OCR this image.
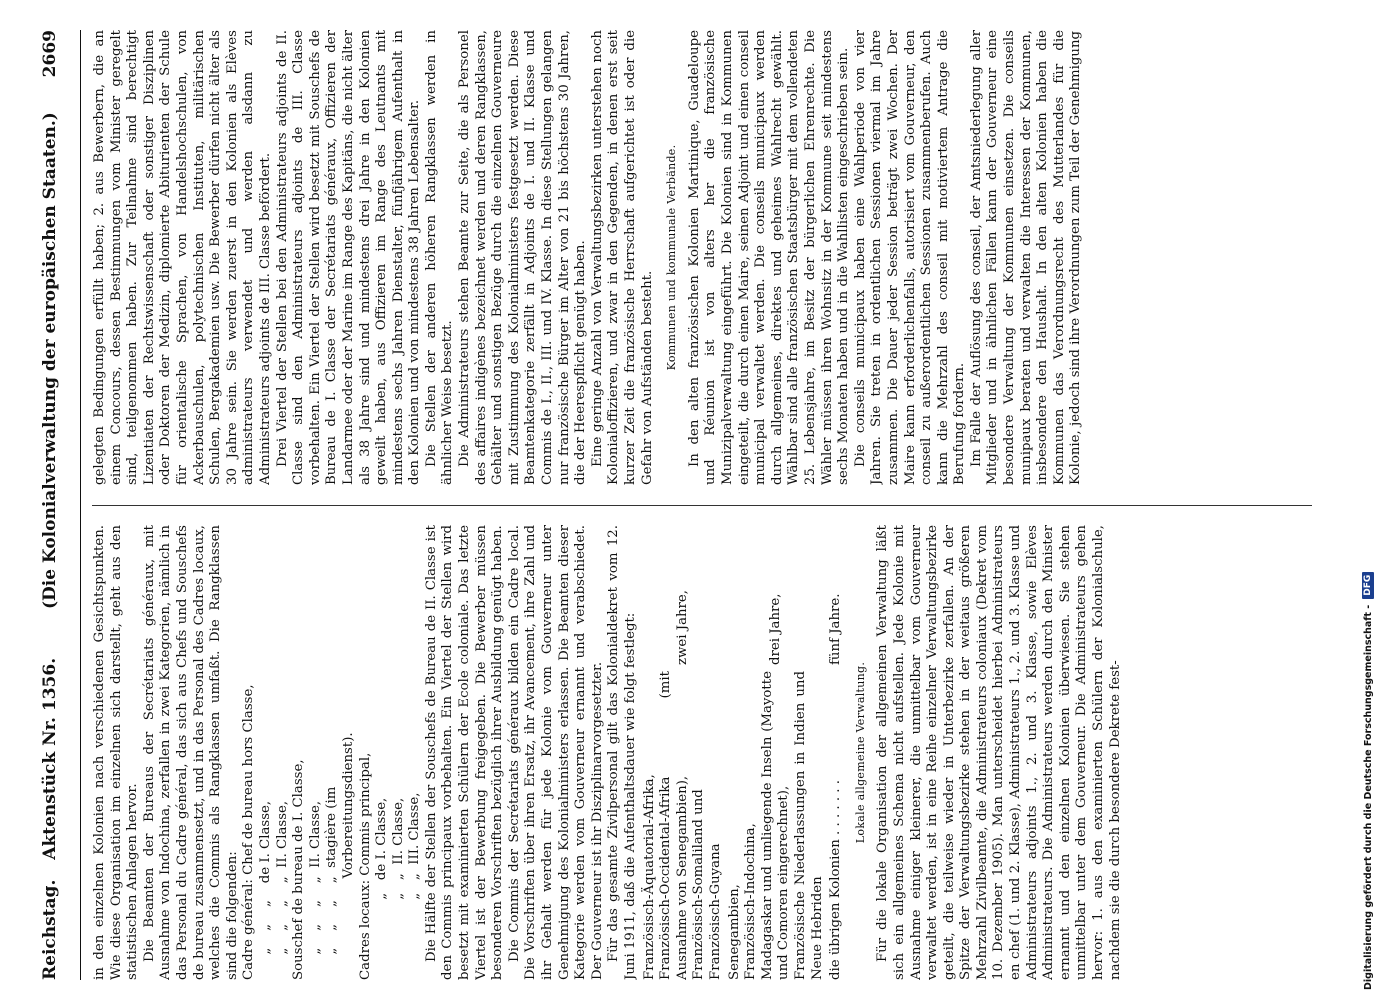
Reichstag. Aktenstück Nr. 1356.
(Die Kolonialverwaltung der europäischen Staaten.)
2669

in den einzelnen Kolonien nach verschiedenen Gesichtspunkten. Wie diese Organisation im einzelnen sich darstellt, geht aus den statistischen Anlagen hervor. Die Beamten der Bureaus der Secrétariats généraux, mit Ausnahme von Indochina, zerfallen in zwei Kategorien, nämlich in das Personal du Cadre général, das sich aus Chefs und Souschefs de bureau zusammensetzt, und in das Personal des Cadres locaux, welches die Commis als Rangklassen umfaßt. Die Rangklassen sind die folgenden: Cadre général: Chef de bureau hors Classe, „    „    „    de I. Classe, „    „    „    „  II. Classe, Souschef de bureau de I. Classe, „    „    „    „  II. Classe, „    „    „    „  stagière (im Vorbereitungsdienst). Cadres locaux: Commis principal, „   de I. Classe, „   „  II. Classe, „   „  III. Classe, Die Hälfte der Stellen der Souschefs de Bureau de II. Classe ist den Commis principaux vorbehalten. Ein Viertel der Stellen wird besetzt mit examinierten Schülern der Ecole coloniale. Das letzte Viertel ist der Bewerbung freigegeben. Die Bewerber müssen besonderen Vorschriften bezüglich ihrer Ausbildung genügt haben. Die Commis der Secrétariats généraux bilden ein Cadre local. Die Vorschriften über ihren Ersatz, ihr Avancement, ihre Zahl und ihr Gehalt werden für jede Kolonie vom Gouverneur unter Genehmigung des Kolonialministers erlassen. Die Beamten dieser Kategorie werden vom Gouverneur ernannt und verabschiedet. Der Gouverneur ist ihr Disziplinarvorgesetzter. Für das gesamte Zivilpersonal gilt das Kolonialdekret vom 12. Juni 1911, daß die Aufenthaltsdauer wie folgt festlegt: Französisch-Äquatorial-Afrika, Französisch-Occidental-Afrika (mit Ausnahme von Senegambien), Französisch-Somaliland und Französisch-Guyana
zwei Jahre,
Senegambien, Französisch-Indochina, Madagaskar und umliegende Inseln (Mayotte und Comoren eingerechnet), Französische Niederlassungen in Indien und Neue Hebriden
drei Jahre,
die übrigen Kolonien . . . . . . .
fünf Jahre.
Lokale allgemeine Verwaltung. Für die lokale Organisation der allgemeinen Verwaltung läßt sich ein allgemeines Schema nicht aufstellen. Jede Kolonie mit Ausnahme einiger kleinerer, die unmittelbar vom Gouverneur verwaltet werden, ist in eine Reihe einzelner Verwaltungsbezirke geteilt, die teilweise wieder in Unterbezirke zerfallen. An der Spitze der Verwaltungsbezirke stehen in der weitaus größeren Mehrzahl Zivilbeamte, die Administrateurs coloniaux (Dekret vom 10. Dezember 1905). Man unterscheidet hierbei Administrateurs en chef (1. und 2. Klasse), Administrateurs 1., 2. und 3. Klasse und Administrateurs adjoints 1., 2. und 3. Klasse, sowie Elèves Administrateurs. Die Administrateurs werden durch den Minister ernannt und den einzelnen Kolonien überwiesen. Sie stehen unmittelbar unter dem Gouverneur. Die Administrateurs gehen hervor: 1. aus den examinierten Schülern der Kolonialschule, nachdem sie die durch besondere Dekrete fest-

gelegten Bedingungen erfüllt haben; 2. aus Bewerbern, die an einem Concours, dessen Bestimmungen vom Minister geregelt sind, teilgenommen haben. Zur Teilnahme sind berechtigt Lizentiaten der Rechtswissenschaft oder sonstiger Disziplinen oder Doktoren der Medizin, diplomierte Abiturienten der Schule für orientalische Sprachen, von Handelshochschulen, von Ackerbauschulen, polytechnischen Instituten, militärischen Schulen, Bergakademien usw. Die Bewerber dürfen nicht älter als 30 Jahre sein. Sie werden zuerst in den Kolonien als Elèves administrateurs verwendet und werden alsdann zu Administrateurs adjoints de III. Classe befördert. Drei Viertel der Stellen bei den Administrateurs adjoints de II. Classe sind den Administrateurs adjoints de III. Classe vorbehalten. Ein Viertel der Stellen wird besetzt mit Souschefs de Bureau de I. Classe der Secrétariats généraux, Offizieren der Landarmee oder der Marine im Range des Kapitäns, die nicht älter als 38 Jahre sind und mindestens drei Jahre in den Kolonien geweilt haben, aus Offizieren im Range des Leutnants mit mindestens sechs Jahren Dienstalter, fünfjährigem Aufenthalt in den Kolonien und von mindestens 38 Jahren Lebensalter. Die Stellen der anderen höheren Rangklassen werden in ähnlicher Weise besetzt. Die Administrateurs stehen Beamte zur Seite, die als Personel des affaires indigènes bezeichnet werden und deren Rangklassen, Gehälter und sonstigen Bezüge durch die einzelnen Gouverneure mit Zustimmung des Kolonialministers festgesetzt werden. Diese Beamtenkategorie zerfällt in Adjoints de I. und II. Klasse und Commis de I., II., III. und IV. Klasse. In diese Stellungen gelangen nur französische Bürger im Alter von 21 bis höchstens 30 Jahren, die der Heerespflicht genügt haben. Eine geringe Anzahl von Verwaltungsbezirken unterstehen noch Kolonialoffizieren, und zwar in den Gegenden, in denen erst seit kurzer Zeit die französische Herrschaft aufgerichtet ist oder die Gefahr von Aufständen besteht.

Kommunen und kommunale Verbände. In den alten französischen Kolonien Martinique, Guadeloupe und Réunion ist von alters her die französische Munizipalverwaltung eingeführt. Die Kolonien sind in Kommunen eingeteilt, die durch einen Maire, seinen Adjoint und einen conseil municipal verwaltet werden. Die conseils municipaux werden durch allgemeines, direktes und geheimes Wahlrecht gewählt. Wählbar sind alle französischen Staatsbürger mit dem vollendeten 25. Lebensjahre, im Besitz der bürgerlichen Ehrenrechte. Die Wähler müssen ihren Wohnsitz in der Kommune seit mindestens sechs Monaten haben und in die Wahllisten eingeschrieben sein. Die conseils municipaux haben eine Wahlperiode von vier Jahren. Sie treten in ordentlichen Sessionen viermal im Jahre zusammen. Die Dauer jeder Session beträgt zwei Wochen. Der Maire kann erforderlichenfalls, autorisiert vom Gouverneur, den conseil zu außerordentlichen Sessionen zusammenberufen. Auch kann die Mehrzahl des conseil mit motiviertem Antrage die Berufung fordern. Im Falle der Auflösung des conseil, der Amtsniederlegung aller Mitglieder und in ähnlichen Fällen kann der Gouverneur eine besondere Verwaltung der Kommunen einsetzen. Die conseils munipaux beraten und verwalten die Interessen der Kommunen, insbesondere den Haushalt. In den alten Kolonien haben die Kommunen das Verordnungsrecht des Mutterlandes für die Kolonie, jedoch sind ihre Verordnungen zum Teil der Genehmigung

Digitalisierung gefördert durch die Deutsche Forschungsgemeinschaft -
DFG
